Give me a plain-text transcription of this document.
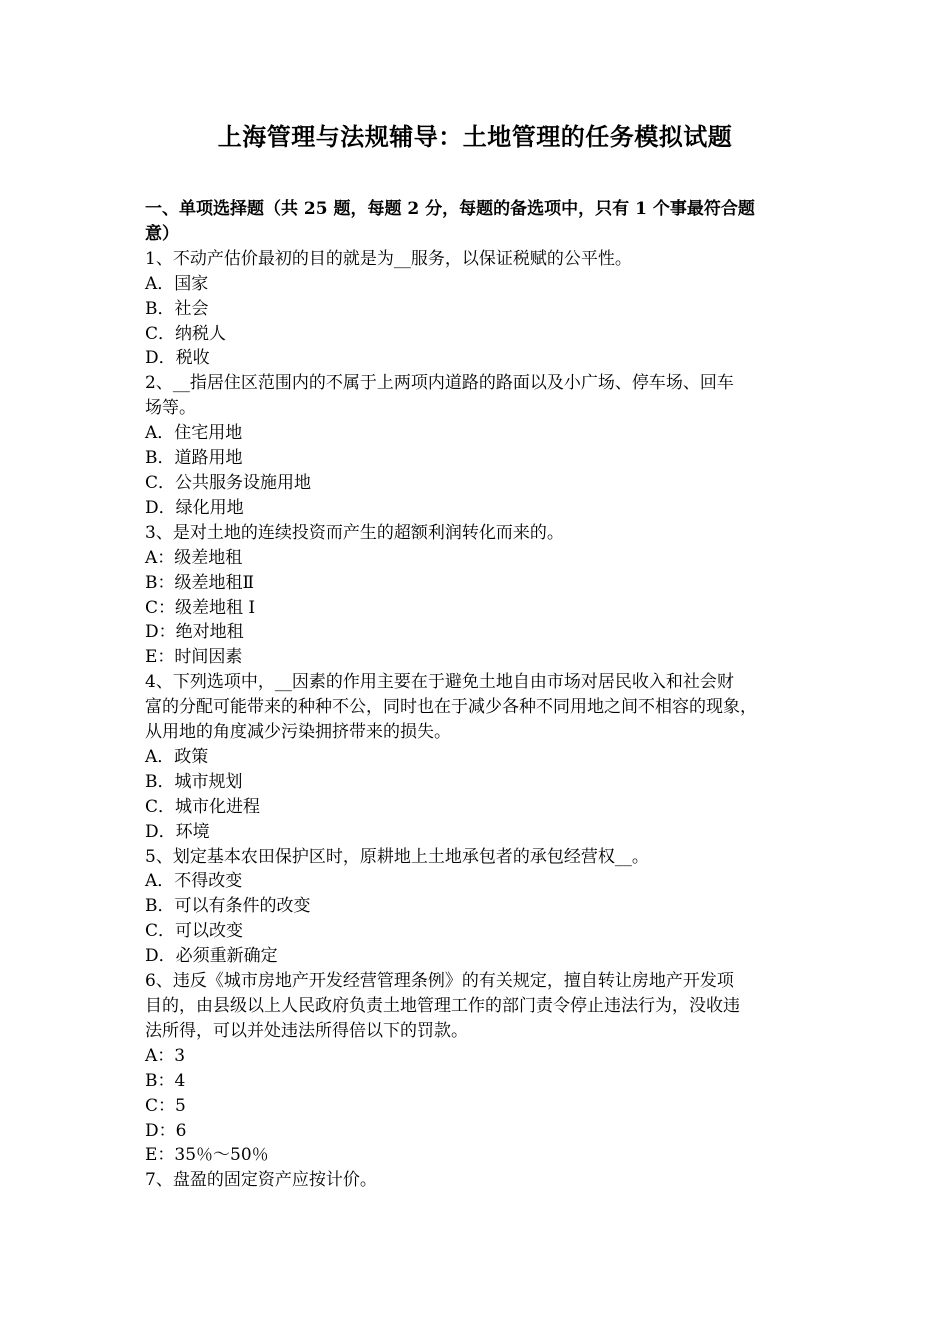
上海管理与法规辅导：土地管理的任务模拟试题
一、单项选择题（共 25 题，每题 2 分，每题的备选项中，只有 1 个事最符合题
意）
1、不动产估价最初的目的就是为__服务，以保证税赋的公平性。
A．国家
B．社会
C．纳税人
D．税收
2、__指居住区范围内的不属于上两项内道路的路面以及小广场、停车场、回车
场等。
A．住宅用地
B．道路用地
C．公共服务设施用地
D．绿化用地
3、是对土地的连续投资而产生的超额利润转化而来的。
A：级差地租
B：级差地租Ⅱ
C：级差地租 I
D：绝对地租
E：时间因素
4、下列选项中，__因素的作用主要在于避免土地自由市场对居民收入和社会财
富的分配可能带来的种种不公，同时也在于减少各种不同用地之间不相容的现象，
从用地的角度减少污染拥挤带来的损失。
A．政策
B．城市规划
C．城市化进程
D．环境
5、划定基本农田保护区时，原耕地上土地承包者的承包经营权__。
A．不得改变
B．可以有条件的改变
C．可以改变
D．必须重新确定
6、违反《城市房地产开发经营管理条例》的有关规定，擅自转让房地产开发项
目的，由县级以上人民政府负责土地管理工作的部门责令停止违法行为，没收违
法所得，可以并处违法所得倍以下的罚款。
A：3
B：4
C：5
D：6
E：35％～50％
7、盘盈的固定资产应按计价。
